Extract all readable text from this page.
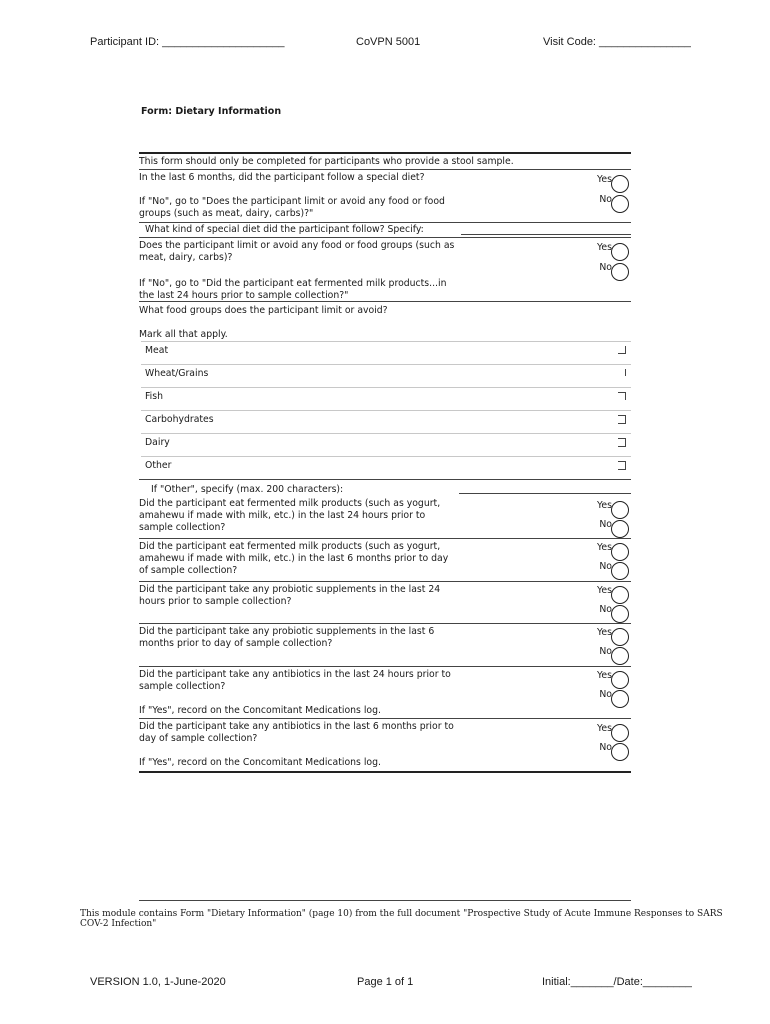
Participant ID: ____________________	CoVPN 5001	Visit Code: _______________
Form: Dietary Information
This form should only be completed for participants who provide a stool sample.
In the last 6 months, did the participant follow a special diet?	Yes
No
If "No", go to "Does the participant limit or avoid any food or food groups (such as meat, dairy, carbs)?"
What kind of special diet did the participant follow? Specify:
Does the participant limit or avoid any food or food groups (such as meat, dairy, carbs)?
Yes
No
If "No", go to "Did the participant eat fermented milk products...in the last 24 hours prior to sample collection?"
What food groups does the participant limit or avoid?
Mark all that apply.
Meat
Wheat/Grains
Fish
Carbohydrates
Dairy
Other
If "Other", specify (max. 200 characters):
Did the participant eat fermented milk products (such as yogurt, amahewu if made with milk, etc.) in the last 24 hours prior to sample collection?
Yes
No
Did the participant eat fermented milk products (such as yogurt, amahewu if made with milk, etc.) in the last 6 months prior to day of sample collection?
Yes
No
Did the participant take any probiotic supplements in the last 24 hours prior to sample collection?
Yes
No
Did the participant take any probiotic supplements in the last 6 months prior to day of sample collection?
Yes
No
Did the participant take any antibiotics in the last 24 hours prior to sample collection?
Yes
No
If "Yes", record on the Concomitant Medications log.
Did the participant take any antibiotics in the last 6 months prior to day of sample collection?
Yes
No
If "Yes", record on the Concomitant Medications log.
This module contains Form "Dietary Information" (page 10) from the full document "Prospective Study of Acute Immune Responses to SARS COV-2 Infection"
VERSION 1.0, 1-June-2020	Page 1 of 1	Initial:_______/Date:________
